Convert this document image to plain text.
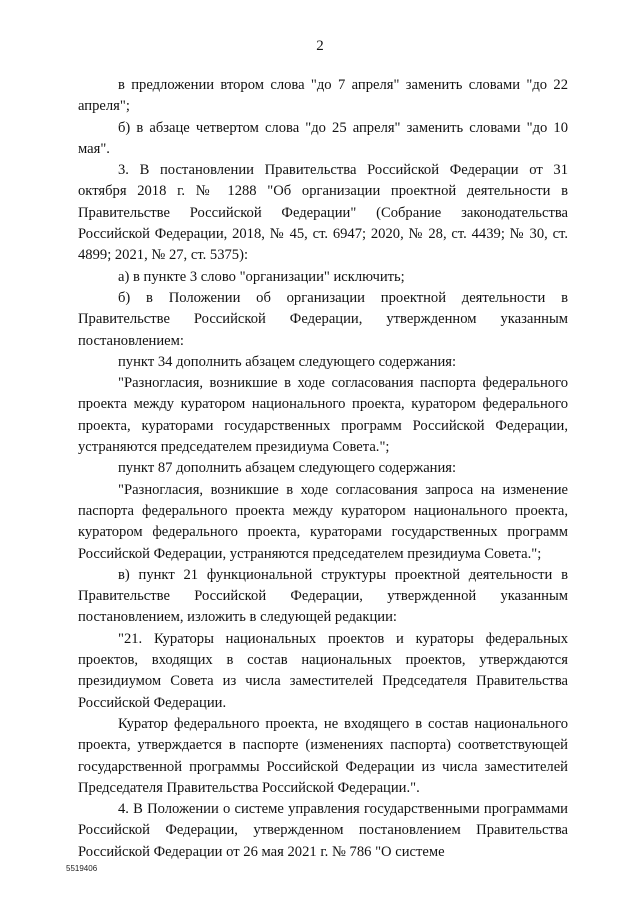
2

в предложении втором слова "до 7 апреля" заменить словами "до 22 апреля";

б) в абзаце четвертом слова "до 25 апреля" заменить словами "до 10 мая".

3. В постановлении Правительства Российской Федерации от 31 октября 2018 г. № 1288 "Об организации проектной деятельности в Правительстве Российской Федерации" (Собрание законодательства Российской Федерации, 2018, № 45, ст. 6947; 2020, № 28, ст. 4439; № 30, ст. 4899; 2021, № 27, ст. 5375):

а) в пункте 3 слово "организации" исключить;

б) в Положении об организации проектной деятельности в Правительстве Российской Федерации, утвержденном указанным постановлением:

пункт 34 дополнить абзацем следующего содержания:

"Разногласия, возникшие в ходе согласования паспорта федерального проекта между куратором национального проекта, куратором федерального проекта, кураторами государственных программ Российской Федерации, устраняются председателем президиума Совета.";

пункт 87 дополнить абзацем следующего содержания:

"Разногласия, возникшие в ходе согласования запроса на изменение паспорта федерального проекта между куратором национального проекта, куратором федерального проекта, кураторами государственных программ Российской Федерации, устраняются председателем президиума Совета.";

в) пункт 21 функциональной структуры проектной деятельности в Правительстве Российской Федерации, утвержденной указанным постановлением, изложить в следующей редакции:

"21. Кураторы национальных проектов и кураторы федеральных проектов, входящих в состав национальных проектов, утверждаются президиумом Совета из числа заместителей Председателя Правительства Российской Федерации.

Куратор федерального проекта, не входящего в состав национального проекта, утверждается в паспорте (изменениях паспорта) соответствующей государственной программы Российской Федерации из числа заместителей Председателя Правительства Российской Федерации.".

4. В Положении о системе управления государственными программами Российской Федерации, утвержденном постановлением Правительства Российской Федерации от 26 мая 2021 г. № 786 "О системе

5519406
